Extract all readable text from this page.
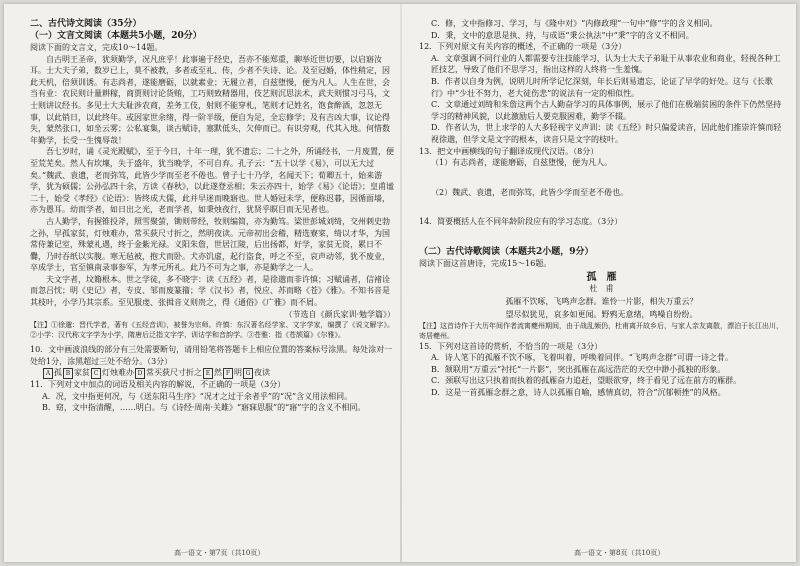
二、古代诗文阅读（35分）

（一）文言文阅读（本题共5小题，20分）

阅读下面的文言文，完成10～14题。

自古明王圣帝，犹须勤学，况凡庶乎！此事遍于经史，吾亦不能郑重，聊举近世切要，以启寤汝耳。士大夫子弟，数岁已上，莫不被教，多者或至礼、传，少者不失诗、论。及至冠婚，体性稍定，因此天机，倍须训诱。有志尚者，遂能磨砺，以就素业；无履立者，自兹堕慢，便为凡人。人生在世，会当有业：农民则计量耕稼，商贾则讨论货贿，工巧则致精器用，伎艺则沉思法术，武夫则惯习弓马，文士则讲议经书。多见士大夫耻涉农商，差务工伎，射则不能穿札，笔则才记姓名，饱食醉酒，忽忽无事，以此销日，以此终年。或因家世余绪，得一阶半级，便自为足，全忘修学；及有吉凶大事，议论得失，蒙然张口，如坐云雾；公私宴集，谈古赋诗，塞默低头，欠伸而已。有识旁观，代其入地。何惜数年勤学，长受一生愧辱哉！

吾七岁时，诵《灵光殿赋》，至于今日，十年一理，犹不遗忘；二十之外，所诵经书，一月废置，便至荒芜矣。然人有坎壈，失于盛年，犹当晚学，不可自弃。孔子云：“五十以学《易》，可以无大过矣。”魏武、袁遗，老而弥笃，此皆少学而至老不倦也。曾子七十乃学，名闻天下；荀卿五十，始来游学，犹为硕儒；公孙弘四十余，方读《春秋》，以此遂登丞相；朱云亦四十，始学《易》《论语》；皇甫谧二十，始受《孝经》《论语》：皆终成大儒，此并早迷而晚寤也。世人婚冠未学，便称迟暮，因循面墙，亦为愚耳。幼而学者，如日出之光，老而学者，如秉烛夜行，犹贤乎瞑目而无见者也。

古人勤学，有握锥投斧，照雪聚萤，锄则带经，牧则编简，亦为勤笃。梁世彭城刘绮，交州刺史勃之孙，早孤家贫，灯烛难办，常买荻尺寸折之，然明夜读。元帝初出会稽，精选寮寀，绮以才华，为国常侍兼记室，殊蒙礼遇，终于金紫光禄。义阳朱詹，世居江陵，后出扬都，好学，家贫无资，累日不爨，乃时吞纸以实腹。寒无毡被，抱犬而卧。犬亦饥虚，起行盗食，呼之不至，哀声动邻，犹不废业，卒成学士，官至镇南录事参军，为孝元所礼。此乃不可为之事，亦是勤学之一人。

夫文字者，坟籍根本。世之学徒，多不晓字：读《五经》者，是徐邈而非许慎；习赋诵者，信褚诠而忽吕忱；明《史记》者，专皮、邹而废篆籀；学《汉书》者，悦应、苏而略《苍》《雅》。不知书音是其枝叶，小学乃其宗系。至见服虔、张揖音义则贵之，得《通俗》《广雅》而不屑。

（节选自《颜氏家训·勉学篇》）

【注】①徐邈：晋代学者，著有《五经音训》，被誉为宗师。许慎：东汉著名经学家、文字学家，编撰了《说文解字》。②小学：汉代称文字学为小学，隋唐后泛指文字学、训诂学和音韵学。③苍雅：指《苍颉篇》《尔雅》。

10．文中画波浪线的部分有三处需要断句，请用铅笔将答题卡上相应位置的答案标号涂黑。每处涂对一处给1分，涂黑超过三处不给分。（3分）

A 孤 B 家贫 C 灯烛难办 D 常买荻尺寸折之 E 然 F 明 G 夜读

11．下列对文中加点的词语及相关内容的解说，不正确的一项是（3分）

A．况，文中指更何况，与《送东阳马生序》“况才之过于余者乎”的“况”含义用法相同。

B．窈，文中指清醒，……明白。与《诗经·周南·关雎》“寤寐思服”的“寤”字的含义不相同。

高一语文・第7页（共10页）

C．修，文中指修习、学习，与《隆中对》“内修政理”一句中“修”字的含义相同。

D．秉，文中的意思是执、持，与成语“秉公执法”中“秉”字的含义不相同。

12．下列对原文有关内容的概述，不正确的一项是（3分）

A．文章强调不同行业的人都需要专注技能学习，认为士大夫子弟耻于从事农业和商业，轻视各种工匠技艺，导致了他们不思学习，指出这样的人终将一生羞愧。

B．作者以自身为例，说明儿时所学记忆深刻，年长后则易遗忘，论证了早学的好处。这与《长歌行》中“少壮不努力，老大徒伤悲”的说法有一定的相似性。

C．文章通过刘绮和朱詹这两个古人勤奋学习的具体事例，展示了他们在极端贫困的条件下仍然坚持学习的精神风貌，以此激励后人要克服困难，勤学不辍。

D．作者认为，世上求学的人大多轻视字义声训：读《五经》时只偏爱读音，因此他们推崇许慎而轻视徐邈，但学文是文字的根本，读音只是文字的枝叶。

13．把文中画横线的句子翻译成现代汉语。（8分）

（1）有志尚者，遂能磨砺，自兹堕慢，便为凡人。

（2）魏武、袁遗，老而弥笃，此皆少学而至老不倦也。

14．简要概括人在不同年龄阶段应有的学习态度。（3分）

（二）古代诗歌阅读（本题共2小题，9分）

阅读下面这首唐诗，完成15～16题。

孤　雁
杜　甫
孤雁不饮啄，飞鸣声念群。谁怜一片影，相失万重云？
望尽似犹见，哀多如更闻。野鸦无意绪，鸣噪自纷纷。

【注】这首诗作于大历年间作者流寓夔州期间，由于战乱频仍，杜甫离开故乡后，与家人亲友离散，漂泊于长江出川，寄居夔州。

15．下列对这首诗的赏析，不恰当的一项是（3分）

A．诗人笔下的孤雁不饮不啄，飞着叫着，呼唤着同伴。“飞鸣声念群”可谓一诗之骨。

B．颔联用“万重云”衬托“一片影”，突出孤雁在高远浩茫的天空中渺小孤独的形象。

C．颈联写出这只执着而执着的孤雁奋力追赶，望眼欲穿，终于看见了远在前方的雁群。

D．这是一首孤雁念群之意，诗人以孤雁自喻，感情真切，符合“沉郁顿挫”的风格。

高一语文・第8页（共10页）
